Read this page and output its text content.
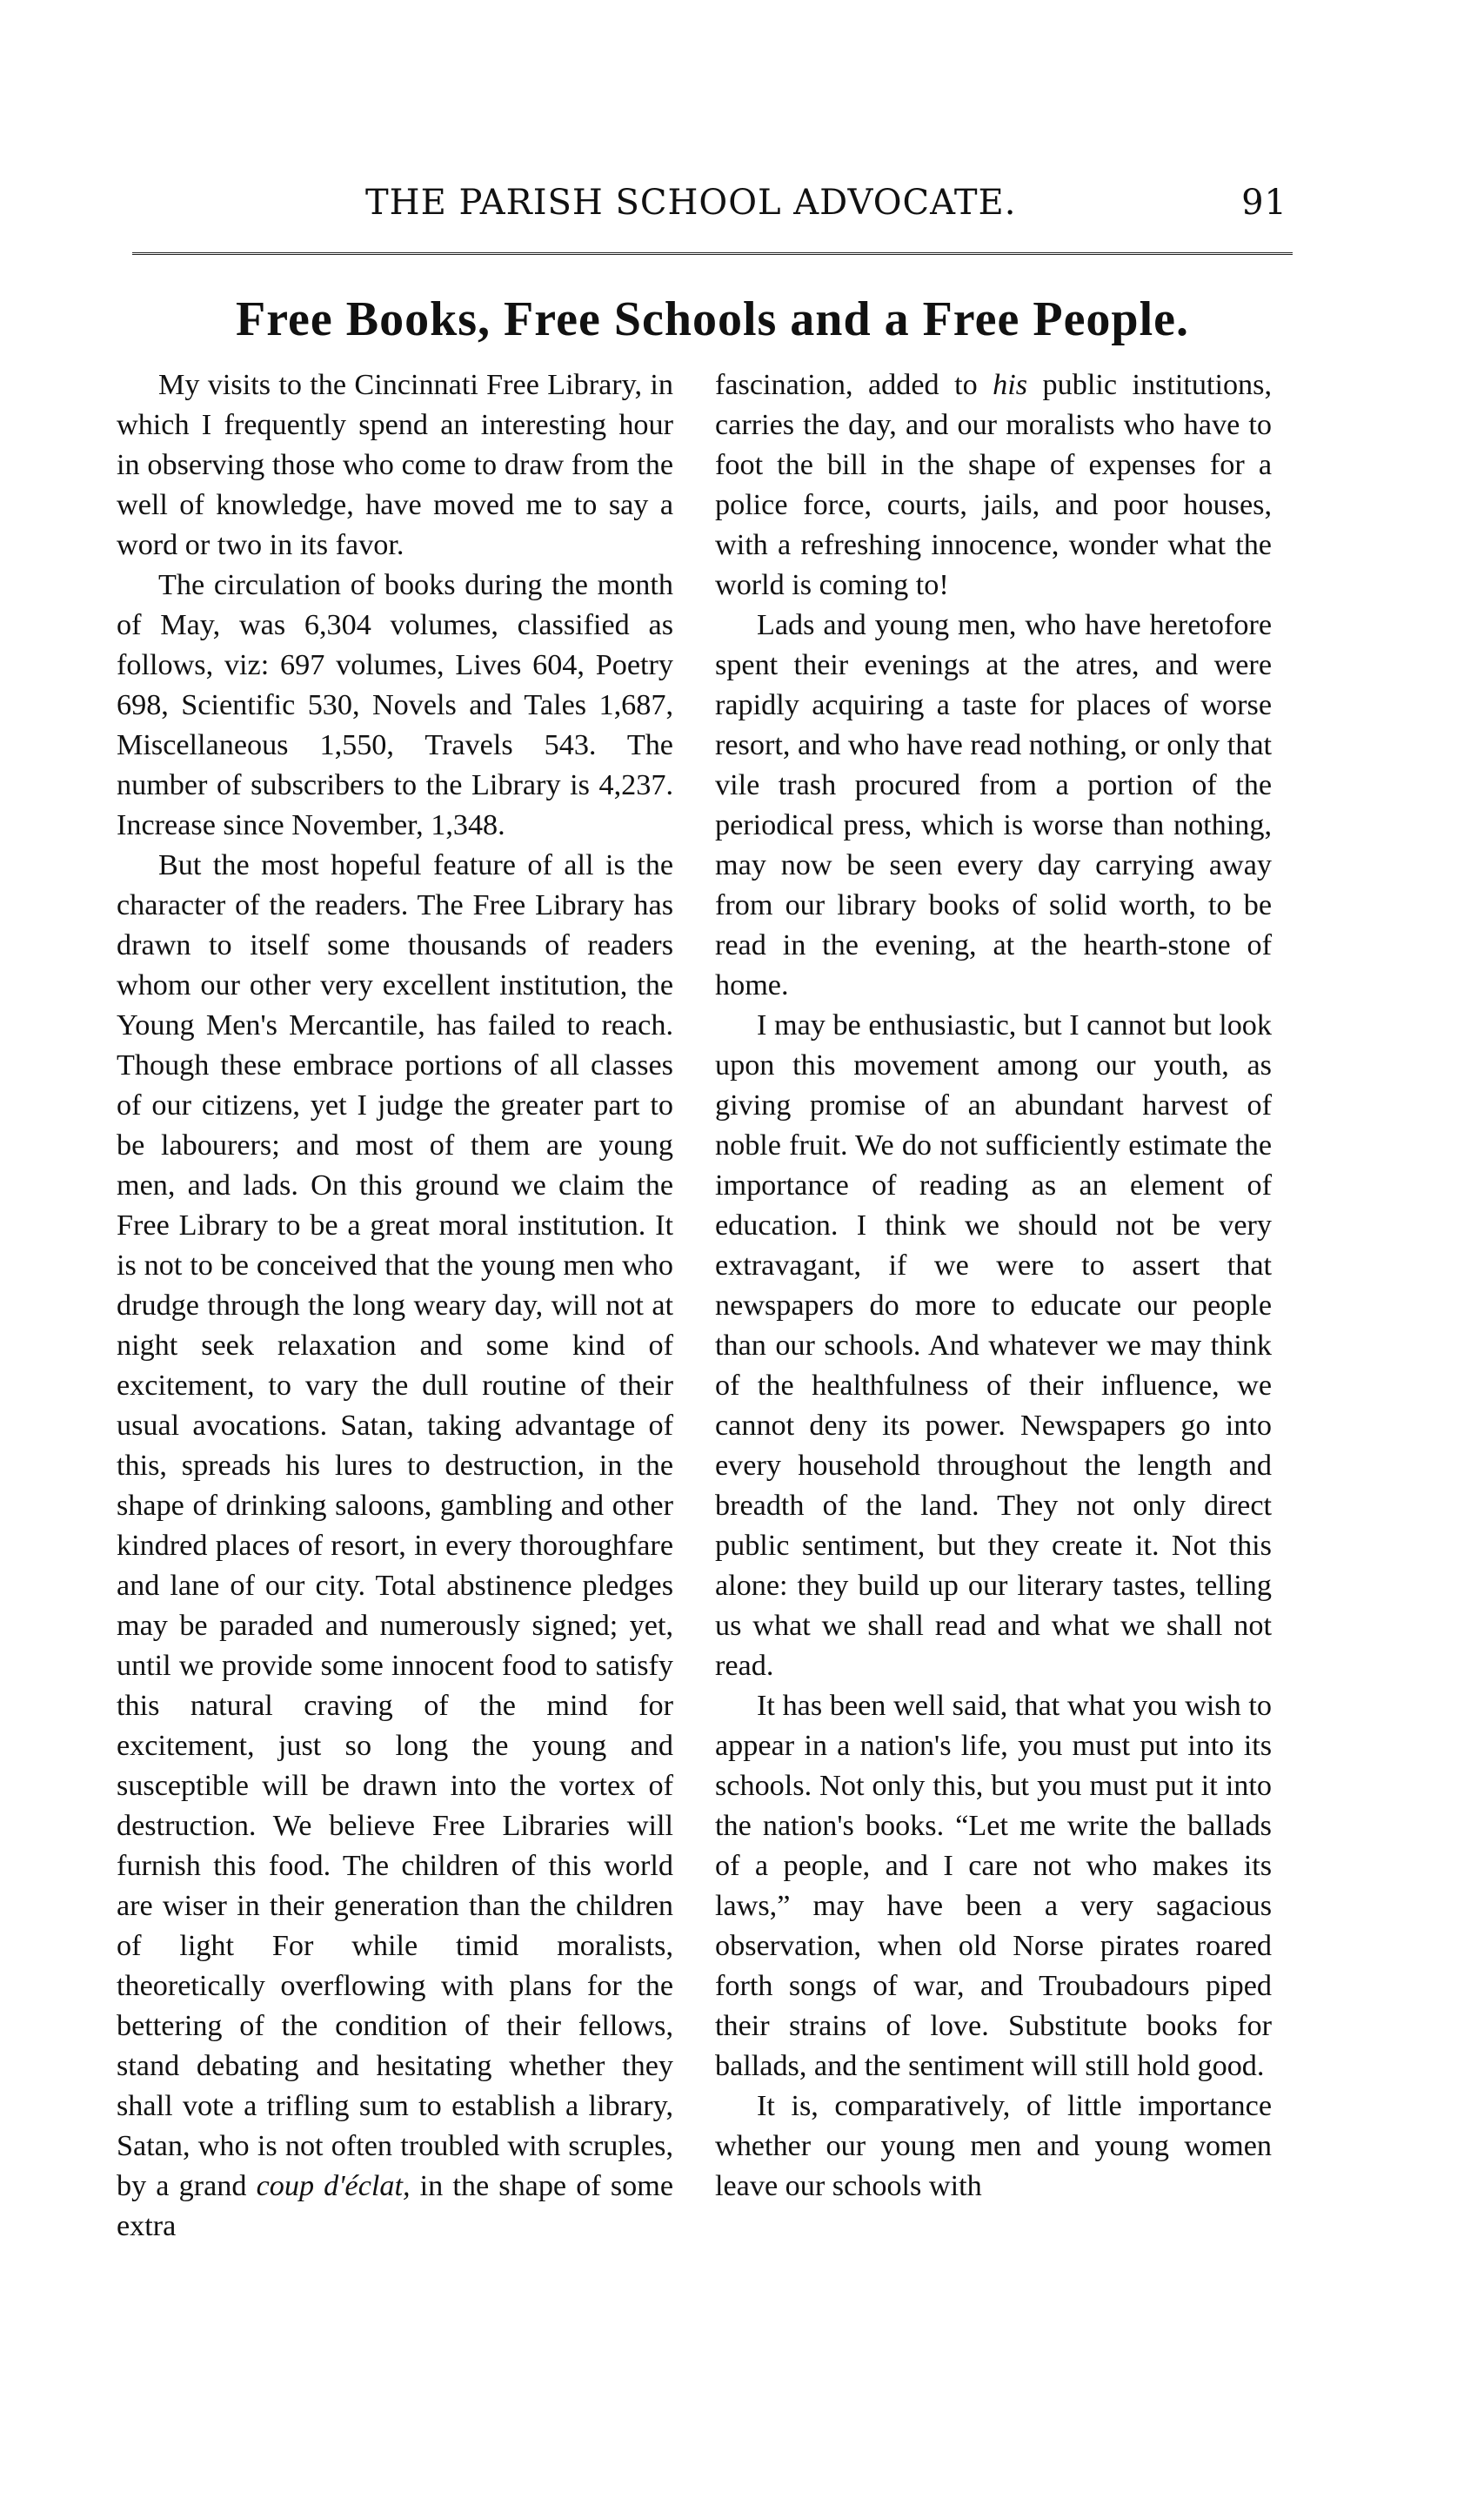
THE PARISH SCHOOL ADVOCATE.	91
Free Books, Free Schools and a Free People.

My visits to the Cincinnati Free Library, in which I frequently spend an interesting hour in observing those who come to draw from the well of knowledge, have moved me to say a word or two in its favor.

The circulation of books during the month of May, was 6,304 volumes, classified as follows, viz: 697 volumes, Lives 604, Poetry 698, Scientific 530, Novels and Tales 1,687, Miscellaneous 1,550, Travels 543. The number of subscribers to the Library is 4,237. Increase since November, 1,348.

But the most hopeful feature of all is the character of the readers. The Free Library has drawn to itself some thousands of readers whom our other very excellent institution, the Young Men's Mercantile, has failed to reach. Though these embrace portions of all classes of our citizens, yet I judge the greater part to be labourers; and most of them are young men, and lads. On this ground we claim the Free Library to be a great moral institution. It is not to be conceived that the young men who drudge through the long weary day, will not at night seek relaxation and some kind of excitement, to vary the dull routine of their usual avocations. Satan, taking advantage of this, spreads his lures to destruction, in the shape of drinking saloons, gambling and other kindred places of resort, in every thoroughfare and lane of our city. Total abstinence pledges may be paraded and numerously signed; yet, until we provide some innocent food to satisfy this natural craving of the mind for excitement, just so long the young and susceptible will be drawn into the vortex of destruction. We believe Free Libraries will furnish this food. The children of this world are wiser in their generation than the children of light For while timid moralists, theoretically overflowing with plans for the bettering of the condition of their fellows, stand debating and hesitating whether they shall vote a trifling sum to establish a library, Satan, who is not often troubled with scruples, by a grand coup d'éclat, in the shape of some extra

fascination, added to his public institutions, carries the day, and our moralists who have to foot the bill in the shape of expenses for a police force, courts, jails, and poor houses, with a refreshing innocence, wonder what the world is coming to!

Lads and young men, who have heretofore spent their evenings at the atres, and were rapidly acquiring a taste for places of worse resort, and who have read nothing, or only that vile trash procured from a portion of the periodical press, which is worse than nothing, may now be seen every day carrying away from our library books of solid worth, to be read in the evening, at the hearth-stone of home.

I may be enthusiastic, but I cannot but look upon this movement among our youth, as giving promise of an abundant harvest of noble fruit. We do not sufficiently estimate the importance of reading as an element of education. I think we should not be very extravagant, if we were to assert that newspapers do more to educate our people than our schools. And whatever we may think of the healthfulness of their influence, we cannot deny its power. Newspapers go into every household throughout the length and breadth of the land. They not only direct public sentiment, but they create it. Not this alone: they build up our literary tastes, telling us what we shall read and what we shall not read.

It has been well said, that what you wish to appear in a nation's life, you must put into its schools. Not only this, but you must put it into the nation's books. “Let me write the ballads of a people, and I care not who makes its laws,” may have been a very sagacious observation, when old Norse pirates roared forth songs of war, and Troubadours piped their strains of love. Substitute books for ballads, and the sentiment will still hold good.

It is, comparatively, of little importance whether our young men and young women leave our schools with
